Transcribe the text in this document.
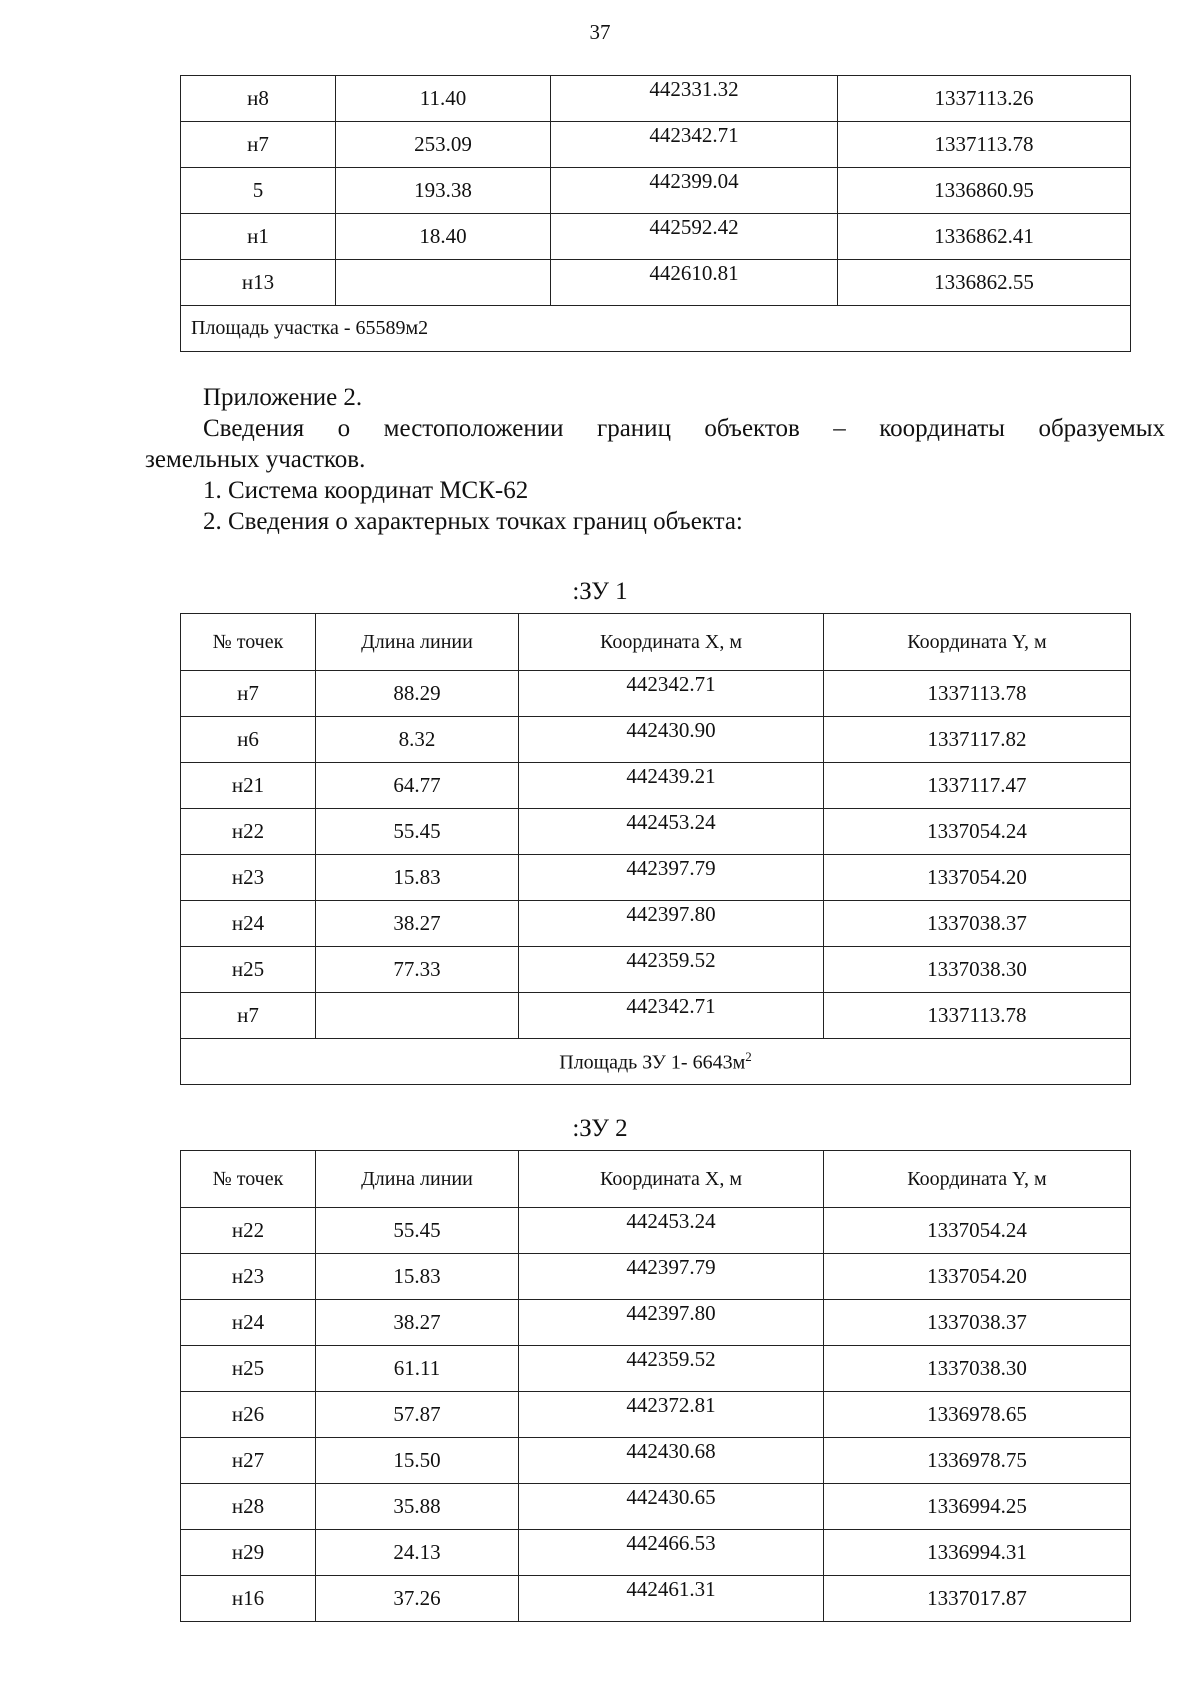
37
н8	11.40	442331.32	1337113.26
н7	253.09	442342.71	1337113.78
5	193.38	442399.04	1336860.95
н1	18.40	442592.42	1336862.41
н13		442610.81	1336862.55
Площадь участка - 65589м2			
Приложение 2.
Сведения о местоположении границ объектов – координаты образуемых
земельных участков.
1. Система координат МСК-62
2. Сведения о характерных точках границ объекта:
:ЗУ 1
№ точек	Длина линии	Координата X, м	Координата Y, м
н7	88.29	442342.71	1337113.78
н6	8.32	442430.90	1337117.82
н21	64.77	442439.21	1337117.47
н22	55.45	442453.24	1337054.24
н23	15.83	442397.79	1337054.20
н24	38.27	442397.80	1337038.37
н25	77.33	442359.52	1337038.30
н7		442342.71	1337113.78
Площадь ЗУ 1- $6643м^2$
:ЗУ 2
№ точек	Длина линии	Координата X, м	Координата Y, м
н22	55.45	442453.24	1337054.24
н23	15.83	442397.79	1337054.20
н24	38.27	442397.80	1337038.37
н25	61.11	442359.52	1337038.30
н26	57.87	442372.81	1336978.65
н27	15.50	442430.68	1336978.75
н28	35.88	442430.65	1336994.25
н29	24.13	442466.53	1336994.31
н16	37.26	442461.31	1337017.87
